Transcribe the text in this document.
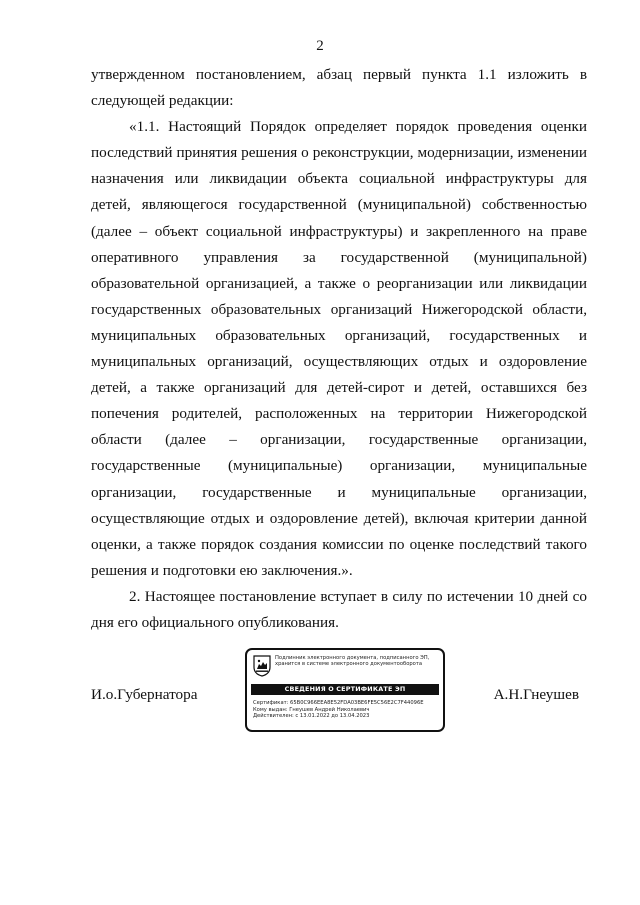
2

утвержденном постановлением, абзац первый пункта 1.1 изложить в следующей редакции:

«1.1. Настоящий Порядок определяет порядок проведения оценки последствий принятия решения о реконструкции, модернизации, изменении назначения или ликвидации объекта социальной инфраструктуры для детей, являющегося государственной (муниципальной) собственностью (далее – объект социальной инфраструктуры) и закрепленного на праве оперативного управления за государственной (муниципальной) образовательной организацией, а также о реорганизации или ликвидации государственных образовательных организаций Нижегородской области, муниципальных образовательных организаций, государственных и муниципальных организаций, осуществляющих отдых и оздоровление детей, а также организаций для детей-сирот и детей, оставшихся без попечения родителей, расположенных на территории Нижегородской области (далее – организации, государственные организации, государственные (муниципальные) организации, муниципальные организации, государственные и муниципальные организации, осуществляющие отдых и оздоровление детей), включая критерии данной оценки, а также порядок создания комиссии по оценке последствий такого решения и подготовки ею заключения.».

2. Настоящее постановление вступает в силу по истечении 10 дней со дня его официального опубликования.

И.о.Губернатора	А.Н.Гнеушев
Подлинник электронного документа, подписанного ЭП,
хранится в системе электронного документооборота
СВЕДЕНИЯ О СЕРТИФИКАТЕ ЭП
Сертификат: 65B0C966EEA8E52FDA03BE6FE5C56E2C7F44096E
Кому выдан: Гнеушев Андрей Николаевич
Действителен: с 13.01.2022 до 13.04.2023
